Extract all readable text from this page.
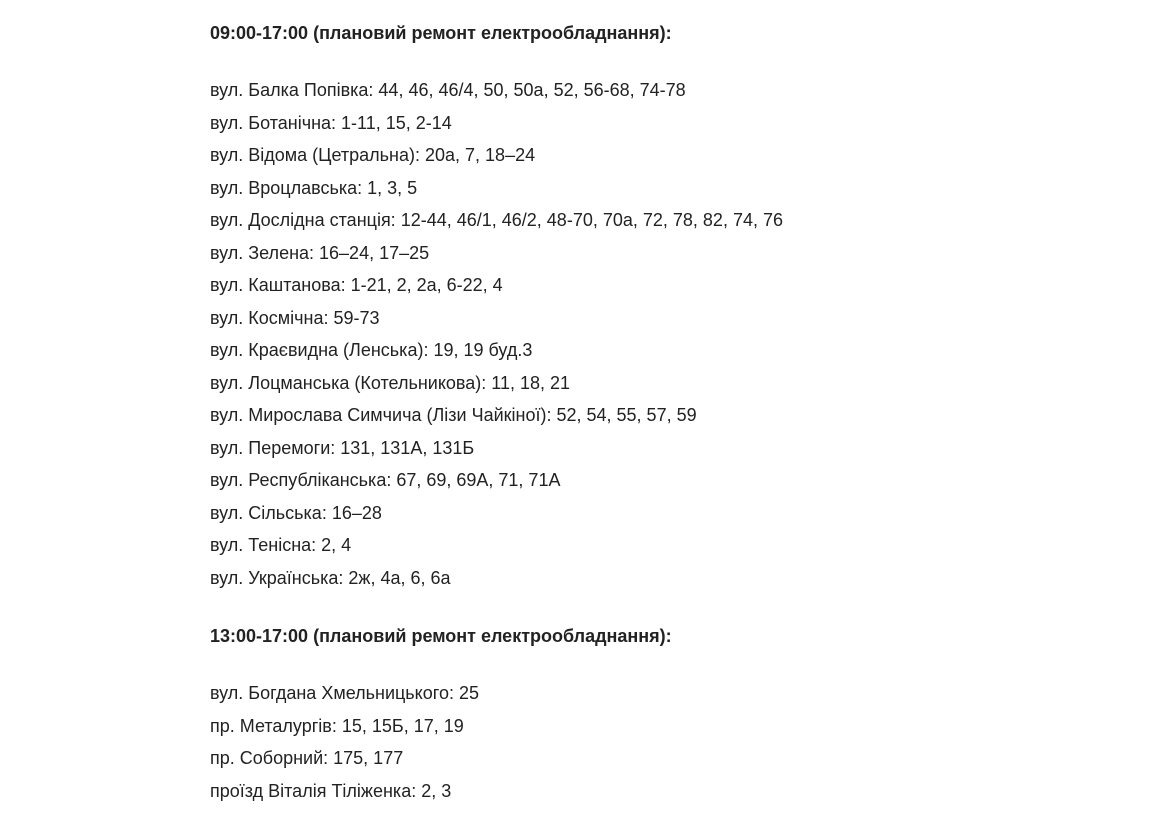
09:00-17:00 (плановий ремонт електрообладнання):
вул. Балка Попівка: 44, 46, 46/4, 50, 50а, 52, 56-68, 74-78
вул. Ботанічна: 1-11, 15, 2-14
вул. Відома (Цетральна): 20а, 7, 18–24
вул. Вроцлавська: 1, 3, 5
вул. Дослідна станція: 12-44, 46/1, 46/2, 48-70, 70а, 72, 78, 82, 74, 76
вул. Зелена: 16–24, 17–25
вул. Каштанова: 1-21, 2, 2а, 6-22, 4
вул. Космічна: 59-73
вул. Краєвидна (Ленська): 19, 19 буд.3
вул. Лоцманська (Котельникова): 11, 18, 21
вул. Мирослава Симчича (Лізи Чайкіної): 52, 54, 55, 57, 59
вул. Перемоги: 131, 131А, 131Б
вул. Республіканська: 67, 69, 69А, 71, 71А
вул. Сільська: 16–28
вул. Тенісна: 2, 4
вул. Українська: 2ж, 4а, 6, 6а
13:00-17:00 (плановий ремонт електрообладнання):
вул. Богдана Хмельницького: 25
пр. Металургів: 15, 15Б, 17, 19
пр. Соборний: 175, 177
проїзд Віталія Тіліженка: 2, 3
